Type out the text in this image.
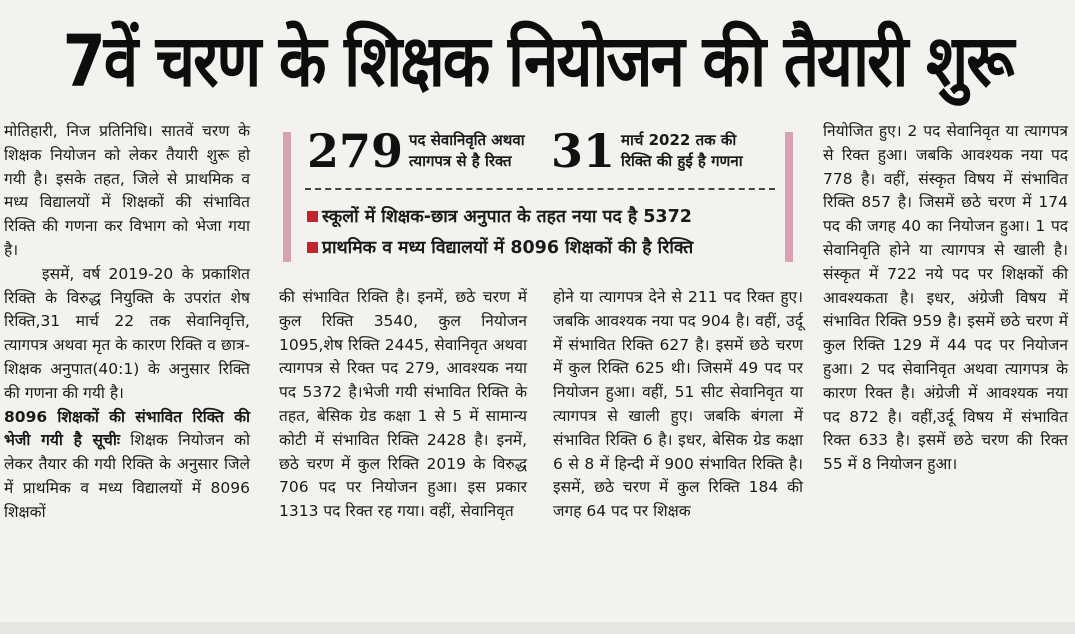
7वें चरण के शिक्षक नियोजन की तैयारी शुरू

मोतिहारी, निज प्रतिनिधि। सातवें चरण के शिक्षक नियोजन को लेकर तैयारी शुरू हो गयी है। इसके तहत, जिले से प्राथमिक व मध्य विद्यालयों में शिक्षकों की संभावित रिक्ति की गणना कर विभाग को भेजा गया है।

इसमें, वर्ष 2019-20 के प्रकाशित रिक्ति के विरुद्ध नियुक्ति के उपरांत शेष रिक्ति,31 मार्च 22 तक सेवानिवृत्ति, त्यागपत्र अथवा मृत के कारण रिक्ति व छात्र-शिक्षक अनुपात(40:1) के अनुसार रिक्ति की गणना की गयी है।

8096 शिक्षकों की संभावित रिक्ति की भेजी गयी है सूचीः शिक्षक नियोजन को लेकर तैयार की गयी रिक्ति के अनुसार जिले में प्राथमिक व मध्य विद्यालयों में 8096 शिक्षकों

279 पद सेवानिवृति अथवा
त्यागपत्र से है रिक्त 31 मार्च 2022 तक की
रिक्ति की हुई है गणना
स्कूलों में शिक्षक-छात्र अनुपात के तहत नया पद है 5372
प्राथमिक व मध्य विद्यालयों में 8096 शिक्षकों की है रिक्ति

की संभावित रिक्ति है। इनमें, छठे चरण में कुल रिक्ति 3540, कुल नियोजन 1095,शेष रिक्ति 2445, सेवानिवृत अथवा त्यागपत्र से रिक्त पद 279, आवश्यक नया पद 5372 है।भेजी गयी संभावित रिक्ति के तहत, बेसिक ग्रेड कक्षा 1 से 5 में सामान्य कोटी में संभावित रिक्ति 2428 है। इनमें, छठे चरण में कुल रिक्ति 2019 के विरुद्ध 706 पद पर नियोजन हुआ। इस प्रकार 1313 पद रिक्त रह गया। वहीं, सेवानिवृत

होने या त्यागपत्र देने से 211 पद रिक्त हुए। जबकि आवश्यक नया पद 904 है। वहीं, उर्दू में संभावित रिक्ति 627 है। इसमें छठे चरण में कुल रिक्ति 625 थी। जिसमें 49 पद पर नियोजन हुआ। वहीं, 51 सीट सेवानिवृत या त्यागपत्र से खाली हुए। जबकि बंगला में संभावित रिक्ति 6 है। इधर, बेसिक ग्रेड कक्षा 6 से 8 में हिन्दी में 900 संभावित रिक्ति है। इसमें, छठे चरण में कुल रिक्ति 184 की जगह 64 पद पर शिक्षक

नियोजित हुए। 2 पद सेवानिवृत या त्यागपत्र से रिक्त हुआ। जबकि आवश्यक नया पद 778 है। वहीं, संस्कृत विषय में संभावित रिक्ति 857 है। जिसमें छठे चरण में 174 पद की जगह 40 का नियोजन हुआ। 1 पद सेवानिवृति होने या त्यागपत्र से खाली है। संस्कृत में 722 नये पद पर शिक्षकों की आवश्यकता है। इधर, अंग्रेजी विषय में संभावित रिक्ति 959 है। इसमें छठे चरण में कुल रिक्ति 129 में 44 पद पर नियोजन हुआ। 2 पद सेवानिवृत अथवा त्यागपत्र के कारण रिक्त है। अंग्रेजी में आवश्यक नया पद 872 है। वहीं,उर्दू विषय में संभावित रिक्त 633 है। इसमें छठे चरण की रिक्त 55 में 8 नियोजन हुआ।
